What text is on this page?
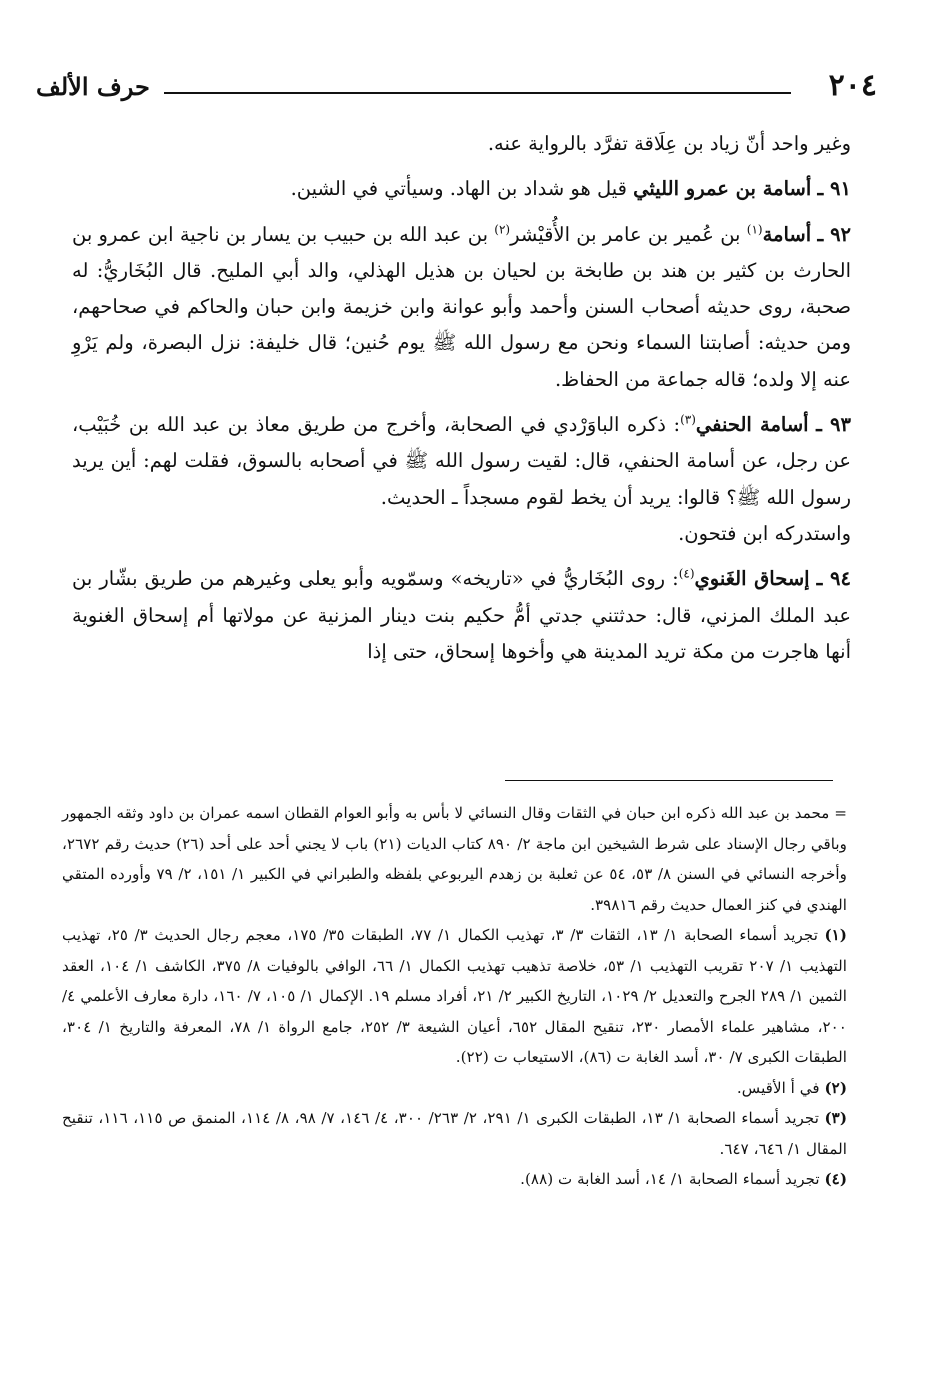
٢٠٤
حرف الألف

وغير واحد أنّ زياد بن عِلَاقة تفرَّد بالرواية عنه.

٩١ ـ أسامة بن عمرو الليثي قيل هو شداد بن الهاد. وسيأتي في الشين.

٩٢ ـ أسامة$^{(١)}$ بن عُمير بن عامر بن الأُقيْشر$^{(٢)}$ بن عبد الله بن حبيب بن يسار بن ناجية ابن عمرو بن الحارث بن كثير بن هند بن طابخة بن لحيان بن هذيل الهذلي، والد أبي المليح. قال البُخَاريُّ: له صحبة، روى حديثه أصحاب السنن وأحمد وأبو عوانة وابن خزيمة وابن حبان والحاكم في صحاحهم، ومن حديثه: أصابتنا السماء ونحن مع رسول الله ﷺ يوم حُنين؛ قال خليفة: نزل البصرة، ولم يَرْوِ عنه إلا ولده؛ قاله جماعة من الحفاظ.

٩٣ ـ أسامة الحنفي$^{(٣)}$: ذكره الباوَرْدي في الصحابة، وأخرج من طريق معاذ بن عبد الله بن خُبَيْب، عن رجل، عن أسامة الحنفي، قال: لقيت رسول الله ﷺ في أصحابه بالسوق، فقلت لهم: أين يريد رسول الله ﷺ؟ قالوا: يريد أن يخط لقوم مسجداً ـ الحديث.

واستدركه ابن فتحون.

٩٤ ـ إسحاق الغَنوي$^{(٤)}$: روى البُخَاريُّ في «تاريخه» وسمّويه وأبو يعلى وغيرهم من طريق بشّار بن عبد الملك المزني، قال: حدثتني جدتي أمُّ حكيم بنت دينار المزنية عن مولاتها أم إسحاق الغنوية أنها هاجرت من مكة تريد المدينة هي وأخوها إسحاق، حتى إذا

= محمد بن عبد الله ذكره ابن حبان في الثقات وقال النسائي لا بأس به وأبو العوام القطان اسمه عمران بن داود وثقه الجمهور وباقي رجال الإسناد على شرط الشيخين ابن ماجة ٢/ ٨٩٠ كتاب الديات (٢١) باب لا يجني أحد على أحد (٢٦) حديث رقم ٢٦٧٢، وأخرجه النسائي في السنن ٨/ ٥٣، ٥٤ عن ثعلبة بن زهدم اليربوعي بلفظه والطبراني في الكبير ١/ ١٥١، ٢/ ٧٩ وأورده المتقي الهندي في كنز العمال حديث رقم ٣٩٨١٦.

(١) تجريد أسماء الصحابة ١/ ١٣، الثقات ٣/ ٣، تهذيب الكمال ١/ ٧٧، الطبقات ٣٥/ ١٧٥، معجم رجال الحديث ٣/ ٢٥، تهذيب التهذيب ١/ ٢٠٧ تقريب التهذيب ١/ ٥٣، خلاصة تذهيب تهذيب الكمال ١/ ٦٦، الوافي بالوفيات ٨/ ٣٧٥، الكاشف ١/ ١٠٤، العقد الثمين ١/ ٢٨٩ الجرح والتعديل ٢/ ١٠٢٩، التاريخ الكبير ٢/ ٢١، أفراد مسلم ١٩. الإكمال ١/ ١٠٥، ٧/ ١٦٠، دارة معارف الأعلمي ٤/ ٢٠٠، مشاهير علماء الأمصار ٢٣٠، تنقيح المقال ٦٥٢، أعيان الشيعة ٣/ ٢٥٢، جامع الرواة ١/ ٧٨، المعرفة والتاريخ ١/ ٣٠٤، الطبقات الكبرى ٧/ ٣٠، أسد الغابة ت (٨٦)، الاستيعاب ت (٢٢).

(٢) في أ الأقيس.

(٣) تجريد أسماء الصحابة ١/ ١٣، الطبقات الكبرى ١/ ٢٩١، ٢/ ٢٦٣/ ٣٠٠، ٤/ ١٤٦، ٧/ ٩٨، ٨/ ١١٤، المنمق ص ١١٥، ١١٦، تنقيح المقال ١/ ٦٤٦، ٦٤٧.

(٤) تجريد أسماء الصحابة ١/ ١٤، أسد الغابة ت (٨٨).
